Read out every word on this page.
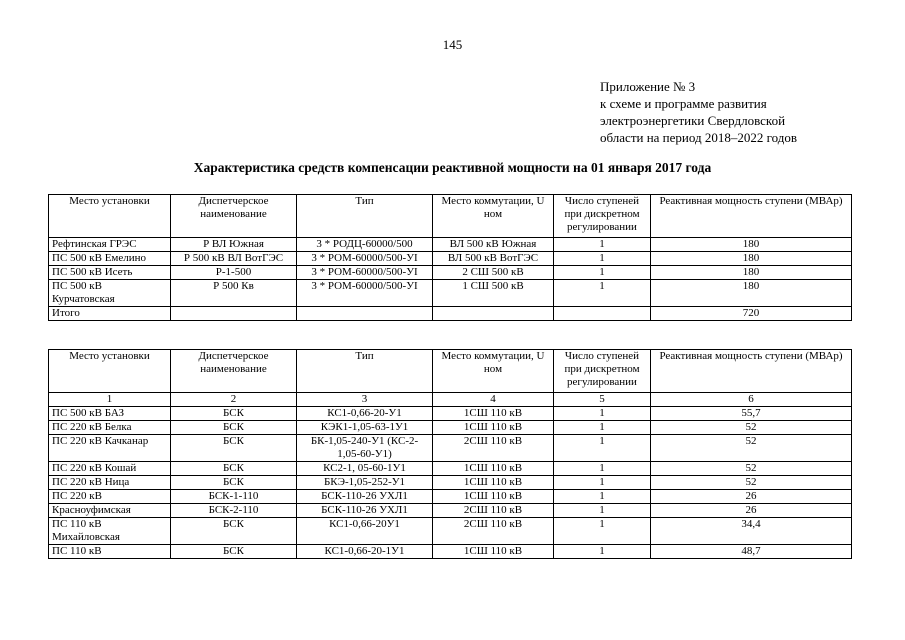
145
Приложение № 3
к схеме и программе развития
электроэнергетики Свердловской
области на период 2018–2022 годов
Характеристика средств компенсации реактивной мощности на 01 января 2017 года
Место установки	Диспетчерское наименование	Тип	Место коммутации, U ном	Число ступеней при дискретном регулировании	Реактивная мощность ступени (МВАр)
Рефтинская ГРЭС	Р ВЛ Южная	3 * РОДЦ-60000/500	ВЛ 500 кВ Южная	1	180
ПС 500 кВ Емелино	Р 500 кВ ВЛ ВотГЭС	3 * РОМ-60000/500-УI	ВЛ 500 кВ ВотГЭС	1	180
ПС 500 кВ Исеть	Р-1-500	3 * РОМ-60000/500-УI	2 СШ 500 кВ	1	180
ПС 500 кВ Курчатовская	Р 500 Кв	3 * РОМ-60000/500-УI	1 СШ 500 кВ	1	180
Итого					720
Место установки	Диспетчерское наименование	Тип	Место коммутации, U ном	Число ступеней при дискретном регулировании	Реактивная мощность ступени (МВАр)
1	2	3	4	5	6
ПС 500 кВ БАЗ	БСК	КС1-0,66-20-У1	1СШ 110 кВ	1	55,7
ПС 220 кВ Белка	БСК	КЭК1-1,05-63-1У1	1СШ 110 кВ	1	52
ПС 220 кВ Качканар	БСК	БК-1,05-240-У1 (КС-2-1,05-60-У1)	2СШ 110 кВ	1	52
ПС 220 кВ Кошай	БСК	КС2-1, 05-60-1У1	1СШ 110 кВ	1	52
ПС 220 кВ Ница	БСК	БКЭ-1,05-252-У1	1СШ 110 кВ	1	52
ПС 220 кВ	БСК-1-110	БСК-110-26 УХЛ1	1СШ 110 кВ	1	26
Красноуфимская	БСК-2-110	БСК-110-26 УХЛ1	2СШ 110 кВ	1	26
ПС 110 кВ Михайловская	БСК	КС1-0,66-20У1	2СШ 110 кВ	1	34,4
ПС 110 кВ	БСК	КС1-0,66-20-1У1	1СШ 110 кВ	1	48,7
